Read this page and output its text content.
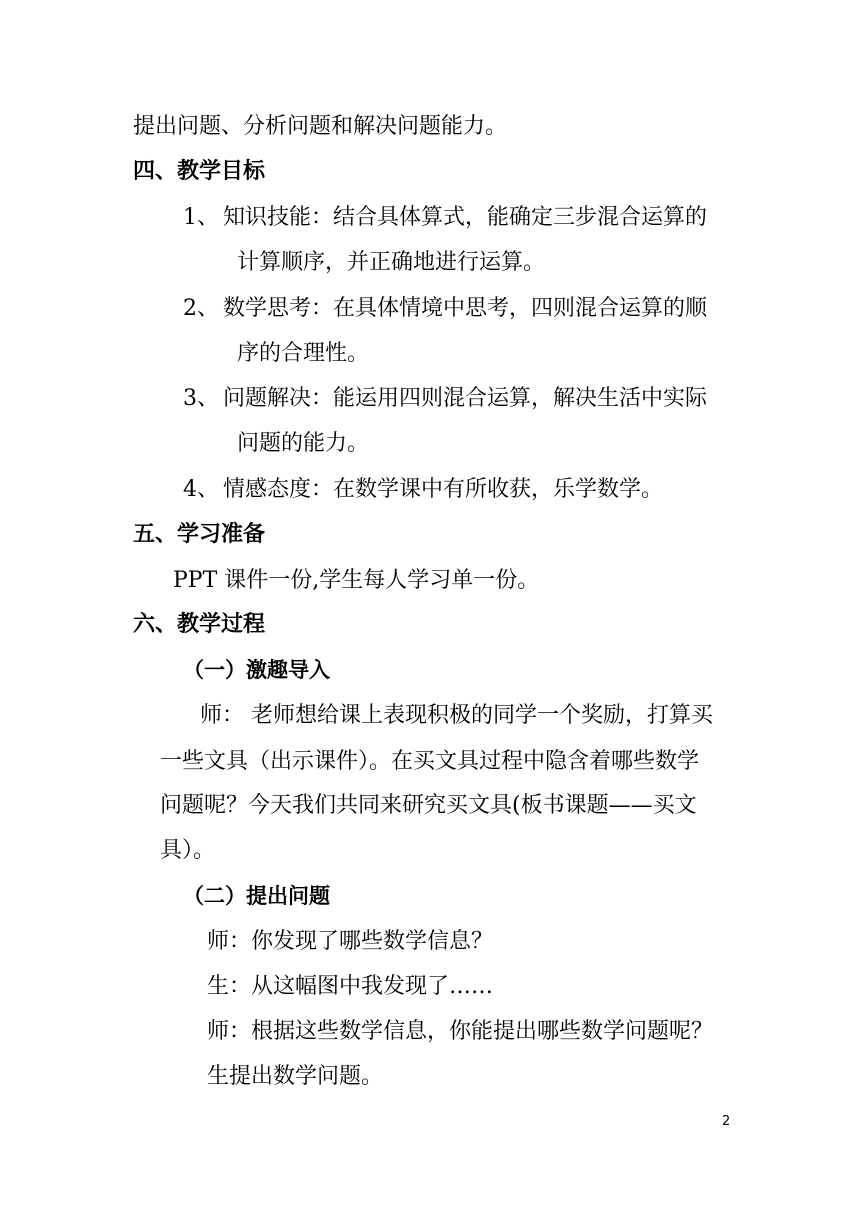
提出问题、分析问题和解决问题能力。
四、教学目标
1、 知识技能：结合具体算式，能确定三步混合运算的
计算顺序，并正确地进行运算。
2、 数学思考：在具体情境中思考，四则混合运算的顺
序的合理性。
3、 问题解决：能运用四则混合运算，解决生活中实际
问题的能力。
4、 情感态度：在数学课中有所收获，乐学数学。
五、学习准备
PPT 课件一份,学生每人学习单一份。
六、教学过程
（一）激趣导入
师： 老师想给课上表现积极的同学一个奖励，打算买
一些文具（出示课件）。在买文具过程中隐含着哪些数学
问题呢？今天我们共同来研究买文具(板书课题——买文
具）。
（二）提出问题
师：你发现了哪些数学信息？
生：从这幅图中我发现了……
师：根据这些数学信息，你能提出哪些数学问题呢？
生提出数学问题。
2
